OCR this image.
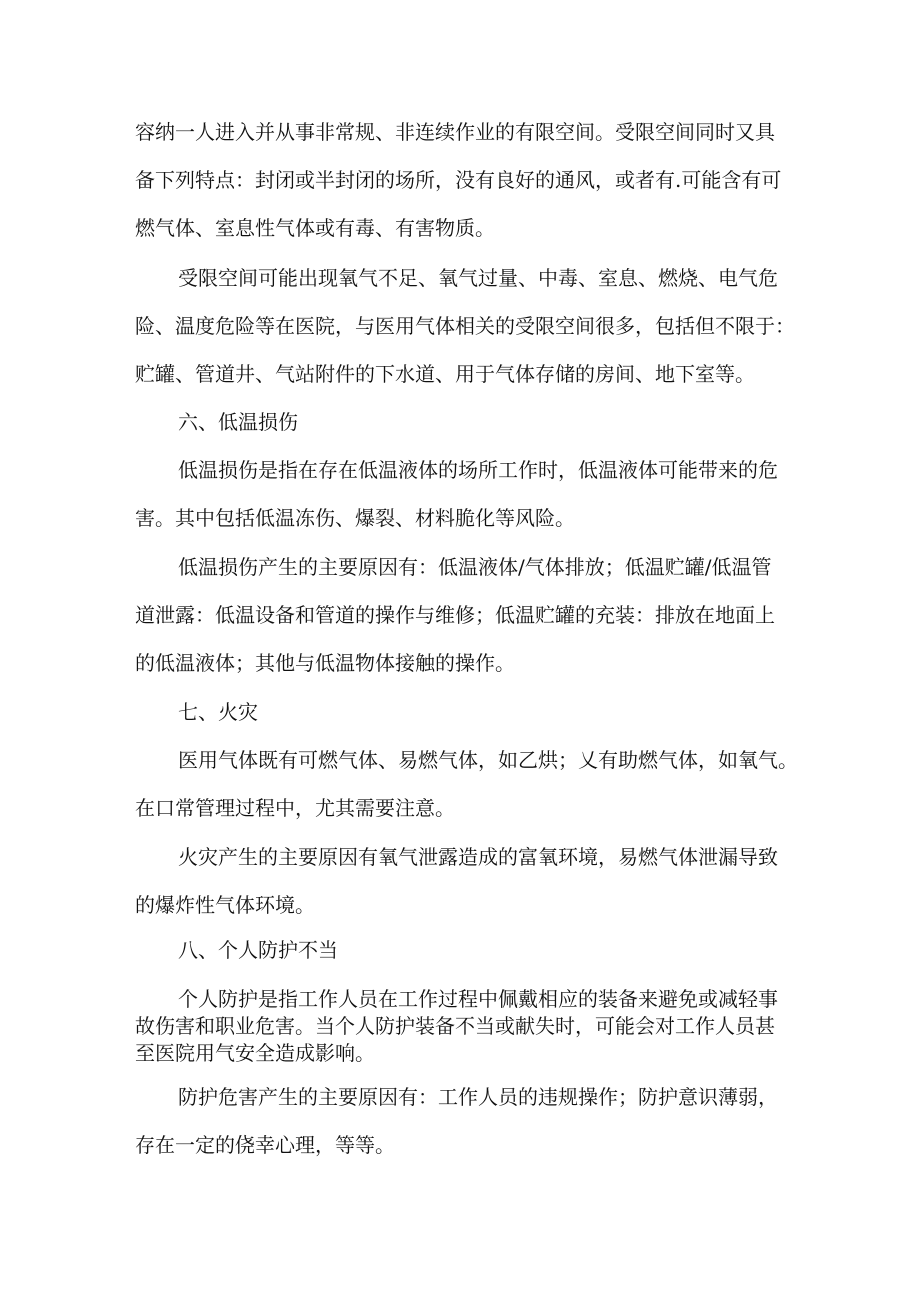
容纳一人进入并从事非常规、非连续作业的有限空间。受限空间同时又具

备下列特点：封闭或半封闭的场所，没有良好的通风，或者有.可能含有可

燃气体、室息性气体或有毒、有害物质。

受限空间可能出现氧气不足、氧气过量、中毒、室息、燃烧、电气危

险、温度危险等在医院，与医用气体相关的受限空间很多，包括但不限于：

贮罐、管道井、气站附件的下水道、用于气体存储的房间、地下室等。

六、低温损伤

低温损伤是指在存在低温液体的场所工作时，低温液体可能带来的危

害。其中包括低温冻伤、爆裂、材料脆化等风险。

低温损伤产生的主要原因有：低温液体/气体排放；低温贮罐/低温管

道泄露：低温设备和管道的操作与维修；低温贮罐的充装：排放在地面上

的低温液体；其他与低温物体接触的操作。

七、火灾

医用气体既有可燃气体、易燃气体，如乙烘；乂有助燃气体，如氧气。

在口常管理过程中，尤其需要注意。

火灾产生的主要原因有氧气泄露造成的富氧环境，易燃气体泄漏导致

的爆炸性气体环境。

八、个人防护不当

个人防护是指工作人员在工作过程中佩戴相应的装备来避免或减轻事

故伤害和职业危害。当个人防护装备不当或献失时，可能会对工作人员甚

至医院用气安全造成影响。

防护危害产生的主要原因有：工作人员的违规操作；防护意识薄弱，

存在一定的侥幸心理，等等。
